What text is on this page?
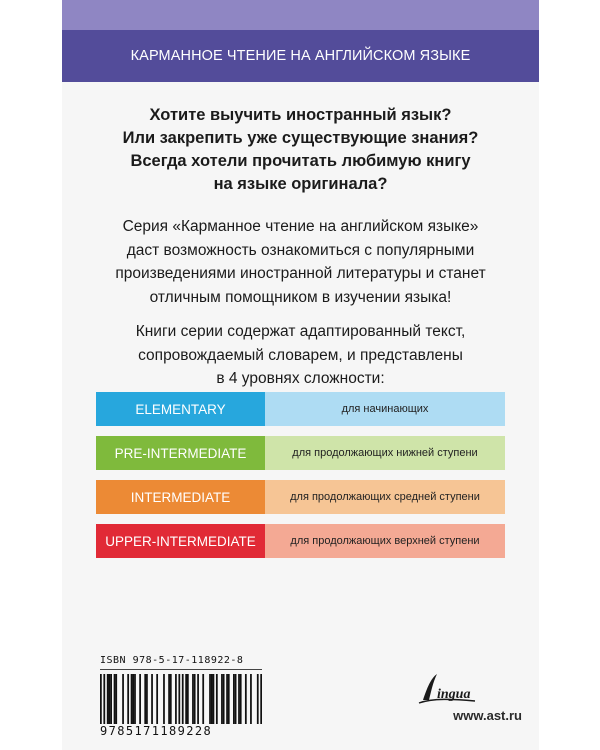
КАРМАННОЕ ЧТЕНИЕ НА АНГЛИЙСКОМ ЯЗЫКЕ
Хотите выучить иностранный язык?
Или закрепить уже существующие знания?
Всегда хотели прочитать любимую книгу
на языке оригинала?
Серия «Карманное чтение на английском языке»
даст возможность ознакомиться с популярными
произведениями иностранной литературы и станет
отличным помощником в изучении языка!
Книги серии содержат адаптированный текст,
сопровождаемый словарем, и представлены
в 4 уровнях сложности:
ELEMENTARY	для начинающих
PRE-INTERMEDIATE	для продолжающих нижней ступени
INTERMEDIATE	для продолжающих средней ступени
UPPER-INTERMEDIATE	для продолжающих верхней ступени
ISBN 978-5-17-118922-8
9785171189228
ingua
www.ast.ru
